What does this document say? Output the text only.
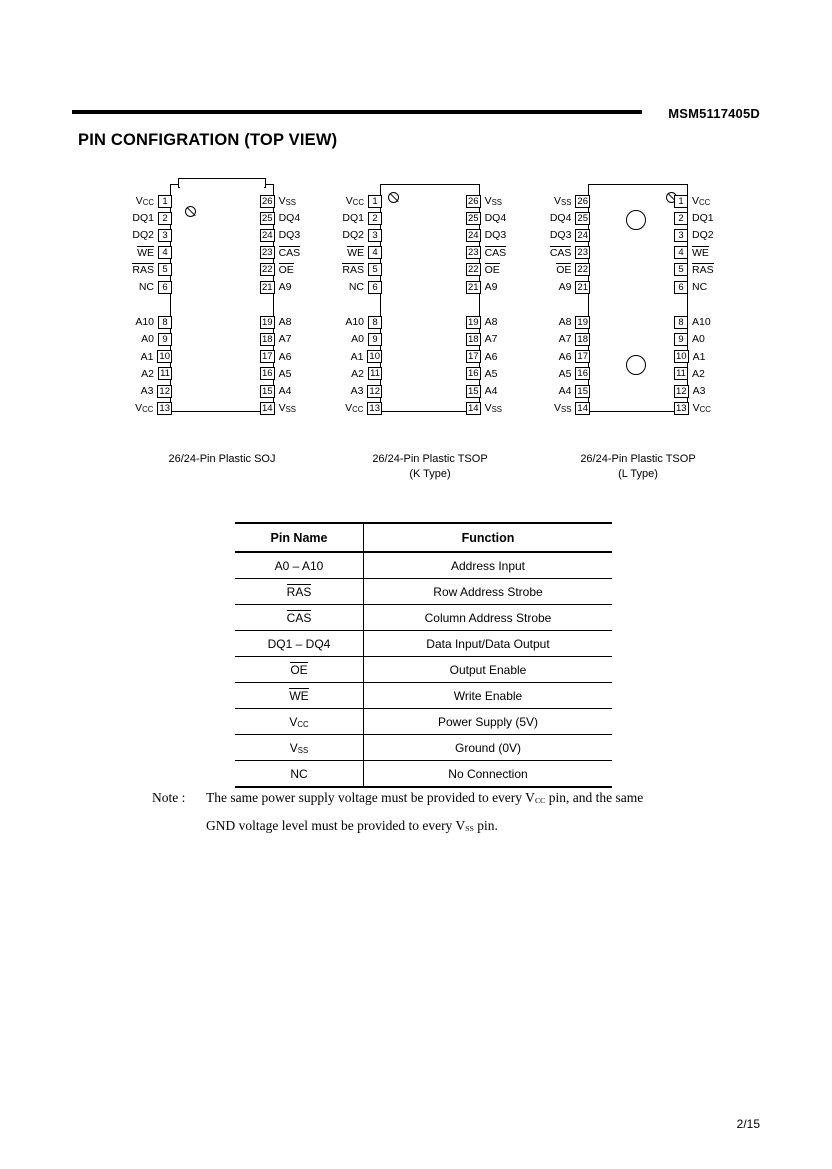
MSM5117405D
PIN CONFIGRATION (TOP VIEW)
VCC 1
DQ1 2
DQ2 3
WE 4
RAS 5
NC 6
A10 8
A0 9
A1 10
A2 11
A3 12
VCC 13
26 VSS
25 DQ4
24 DQ3
23 CAS
22 OE
21 A9
19 A8
18 A7
17 A6
16 A5
15 A4
14 VSS
VCC 1
DQ1 2
DQ2 3
WE 4
RAS 5
NC 6
A10 8
A0 9
A1 10
A2 11
A3 12
VCC 13
26 VSS
25 DQ4
24 DQ3
23 CAS
22 OE
21 A9
19 A8
18 A7
17 A6
16 A5
15 A4
14 VSS
VSS 26
DQ4 25
DQ3 24
CAS 23
OE 22
A9 21
A8 19
A7 18
A6 17
A5 16
A4 15
VSS 14
1 VCC
2 DQ1
3 DQ2
4 WE
5 RAS
6 NC
8 A10
9 A0
10 A1
11 A2
12 A3
13 VCC
26/24-Pin Plastic SOJ	26/24-Pin Plastic TSOP
(K Type)
26/24-Pin Plastic TSOP
(L Type)
Pin Name	Function
A0 – A10	Address Input
RAS	Row Address Strobe
CAS	Column Address Strobe
DQ1 – DQ4	Data Input/Data Output
OE	Output Enable
WE	Write Enable
VCC	Power Supply (5V)
VSS	Ground (0V)
NC	No Connection
Note : The same power supply voltage must be provided to every VCC pin, and the same
GND voltage level must be provided to every VSS pin.
2/15
